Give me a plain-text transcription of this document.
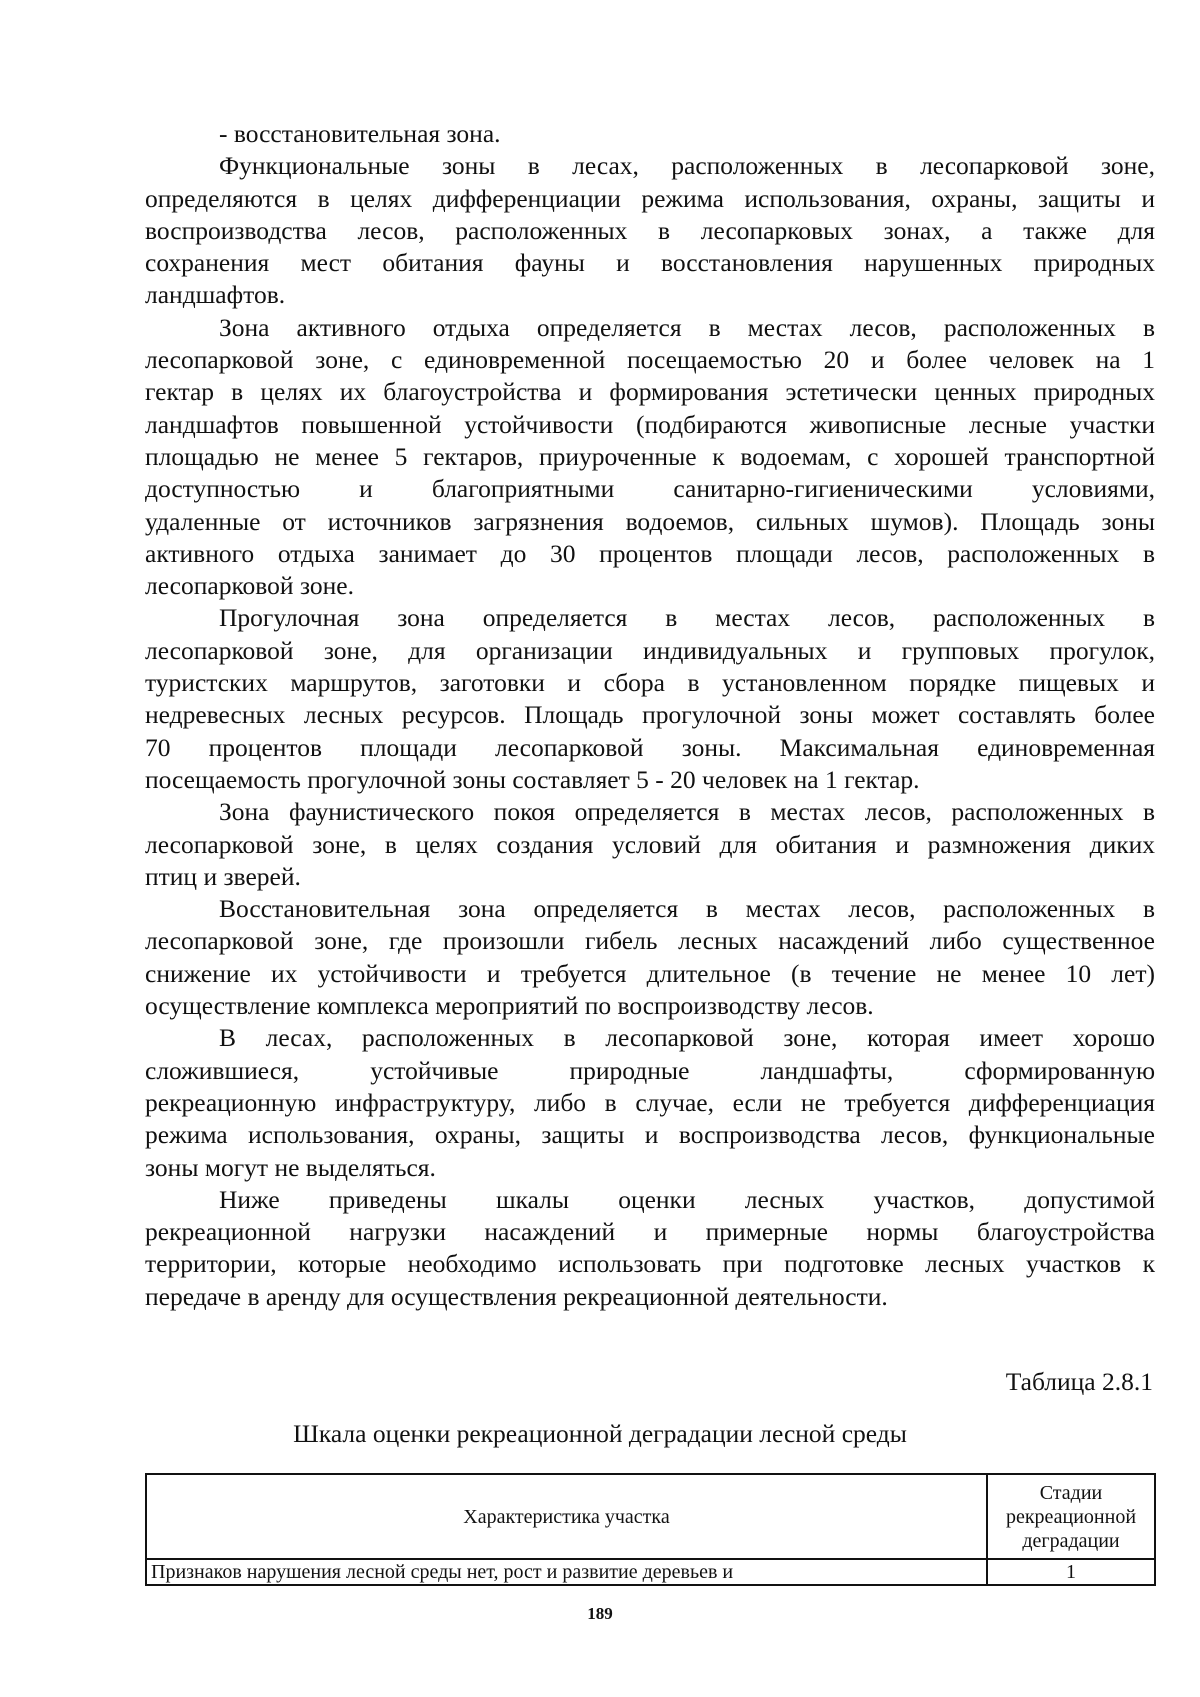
- восстановительная зона.
Функциональные зоны в лесах, расположенных в лесопарковой зоне,
определяются в целях дифференциации режима использования, охраны, защиты и
воспроизводства лесов, расположенных в лесопарковых зонах, а также для
сохранения мест обитания фауны и восстановления нарушенных природных
ландшафтов.
Зона активного отдыха определяется в местах лесов, расположенных в
лесопарковой зоне, с единовременной посещаемостью 20 и более человек на 1
гектар в целях их благоустройства и формирования эстетически ценных природных
ландшафтов повышенной устойчивости (подбираются живописные лесные участки
площадью не менее 5 гектаров, приуроченные к водоемам, с хорошей транспортной
доступностью и благоприятными санитарно-гигиеническими условиями,
удаленные от источников загрязнения водоемов, сильных шумов). Площадь зоны
активного отдыха занимает до 30 процентов площади лесов, расположенных в
лесопарковой зоне.
Прогулочная зона определяется в местах лесов, расположенных в
лесопарковой зоне, для организации индивидуальных и групповых прогулок,
туристских маршрутов, заготовки и сбора в установленном порядке пищевых и
недревесных лесных ресурсов. Площадь прогулочной зоны может составлять более
70 процентов площади лесопарковой зоны. Максимальная единовременная
посещаемость прогулочной зоны составляет 5 - 20 человек на 1 гектар.
Зона фаунистического покоя определяется в местах лесов, расположенных в
лесопарковой зоне, в целях создания условий для обитания и размножения диких
птиц и зверей.
Восстановительная зона определяется в местах лесов, расположенных в
лесопарковой зоне, где произошли гибель лесных насаждений либо существенное
снижение их устойчивости и требуется длительное (в течение не менее 10 лет)
осуществление комплекса мероприятий по воспроизводству лесов.
В лесах, расположенных в лесопарковой зоне, которая имеет хорошо
сложившиеся, устойчивые природные ландшафты, сформированную
рекреационную инфраструктуру, либо в случае, если не требуется дифференциация
режима использования, охраны, защиты и воспроизводства лесов, функциональные
зоны могут не выделяться.
Ниже приведены шкалы оценки лесных участков, допустимой
рекреационной нагрузки насаждений и примерные нормы благоустройства
территории, которые необходимо использовать при подготовке лесных участков к
передаче в аренду для осуществления рекреационной деятельности.
Таблица 2.8.1
Шкала оценки рекреационной деградации лесной среды
Характеристика участка	Стадии рекреационной деградации
Признаков нарушения лесной среды нет, рост и развитие деревьев и	1
189
